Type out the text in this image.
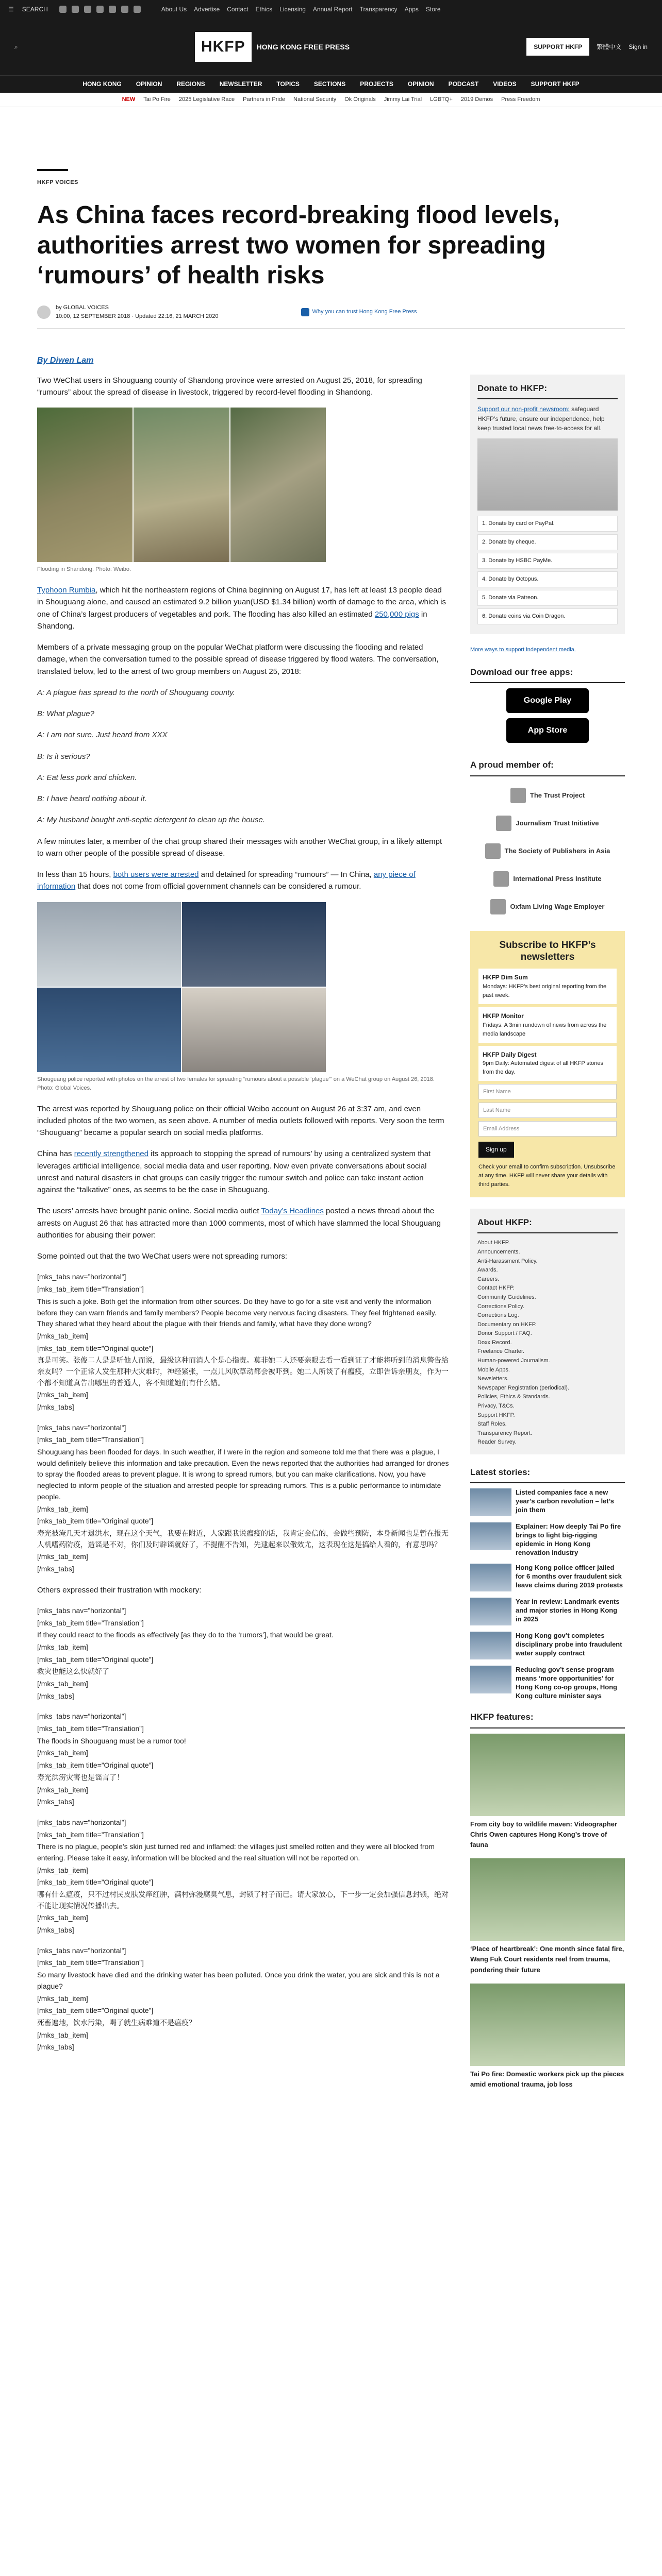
☰ SEARCH	About Us Advertise Contact Ethics Licensing Annual Report Transparency Apps Store
⌕	HKFP	HONG KONG FREE PRESS	SUPPORT HKFP	繁體中文 Sign in
HONG KONG OPINION REGIONS NEWSLETTER TOPICS SECTIONS PROJECTS OPINION PODCAST VIDEOS SUPPORT HKFP
NEW Tai Po Fire 2025 Legislative Race Partners in Pride National Security Ok Originals Jimmy Lai Trial LGBTQ+ 2019 Demos Press Freedom
HKFP VOICES
As China faces record-breaking flood levels, authorities arrest two women for spreading ‘rumours’ of health risks
by GLOBAL VOICES
10:00, 12 SEPTEMBER 2018 · Updated 22:16, 21 MARCH 2020
Why you can trust Hong Kong Free Press
By Diwen Lam

Two WeChat users in Shouguang county of Shandong province were arrested on August 25, 2018, for spreading “rumours” about the spread of disease in livestock, triggered by record-level flooding in Shandong.

Flooding in Shandong. Photo: Weibo.

Typhoon Rumbia, which hit the northeastern regions of China beginning on August 17, has left at least 13 people dead in Shouguang alone, and caused an estimated 9.2 billion yuan(USD $1.34 billion) worth of damage to the area, which is one of China’s largest producers of vegetables and pork. The flooding has also killed an estimated 250,000 pigs in Shandong.

Members of a private messaging group on the popular WeChat platform were discussing the flooding and related damage, when the conversation turned to the possible spread of disease triggered by flood waters. The conversation, translated below, led to the arrest of two group members on August 25, 2018:

A: A plague has spread to the north of Shouguang county.

B: What plague?

A: I am not sure. Just heard from XXX

B: Is it serious?

A: Eat less pork and chicken.

B: I have heard nothing about it.

A: My husband bought anti-septic detergent to clean up the house.

A few minutes later, a member of the chat group shared their messages with another WeChat group, in a likely attempt to warn other people of the possible spread of disease.

In less than 15 hours, both users were arrested and detained for spreading “rumours” — In China, any piece of information that does not come from official government channels can be considered a rumour.

Shouguang police reported with photos on the arrest of two females for spreading “rumours about a possible ‘plague’” on a WeChat group on August 26, 2018. Photo: Global Voices.

The arrest was reported by Shouguang police on their official Weibo account on August 26 at 3:37 am, and even included photos of the two women, as seen above. A number of media outlets followed with reports. Very soon the term “Shouguang” became a popular search on social media platforms.

China has recently strengthened its approach to stopping the spread of rumours’ by using a centralized system that leverages artificial intelligence, social media data and user reporting. Now even private conversations about social unrest and natural disasters in chat groups can easily trigger the rumour switch and police can take instant action against the “talkative” ones, as seems to be the case in Shouguang.

The users’ arrests have brought panic online. Social media outlet Today’s Headlines posted a news thread about the arrests on August 26 that has attracted more than 1000 comments, most of which have slammed the local Shouguang authorities for abusing their power:

Some pointed out that the two WeChat users were not spreading rumors:

[mks_tabs nav=”horizontal”]
[mks_tab_item title=”Translation”]
This is such a joke. Both get the information from other sources. Do they have to go for a site visit and verify the information before they can warn friends and family members? People become very nervous facing disasters. They feel frightened easily. They shared what they heard about the plague with their friends and family, what have they done wrong?
[/mks_tab_item]
[mks_tab_item title=”Original quote”]
真是可笑。张俊二人是是听他人而说，最级这种而消人个是心指责。莫非她二人还要亲眼去看一看到证了才能将听到的消息警告给亲友吗？一个正常人发生那种大灾难时，神经紧张，一点儿风吹草动都会被吓到。她二人所谈了有瘟疫，立即告诉亲朋友，作为一个都不知道真告出哪里的普通人，客不知道她们有什么错。
[/mks_tab_item]
[/mks_tabs]
[mks_tabs nav=”horizontal”]
[mks_tab_item title=”Translation”]
Shouguang has been flooded for days. In such weather, if I were in the region and someone told me that there was a plague, I would definitely believe this information and take precaution. Even the news reported that the authorities had arranged for drones to spray the flooded areas to prevent plague. It is wrong to spread rumors, but you can make clarifications. Now, you have neglected to inform people of the situation and arrested people for spreading rumors. This is a public performance to intimidate people.
[/mks_tab_item]
[mks_tab_item title=”Original quote”]
寿光被淹几天才退洪水，现在这个天气，我要在附近，人家跟我说瘟疫的话，我肯定会信的，会做些预防，本身新闻也是暂在报无人机嗜药防疫，造谣是不对，你们及时辟谣就好了，不提醒不告知，先逮起来以儆效尤，这表现在这是搞给人看的，有意思吗？
[/mks_tab_item]
[/mks_tabs]

Others expressed their frustration with mockery:

[mks_tabs nav=”horizontal”]
[mks_tab_item title=”Translation”]
If they could react to the floods as effectively [as they do to the ‘rumors’], that would be great.
[/mks_tab_item]
[mks_tab_item title=”Original quote”]
救灾也能这么快就好了
[/mks_tab_item]
[/mks_tabs]
[mks_tabs nav=”horizontal”]
[mks_tab_item title=”Translation”]
The floods in Shouguang must be a rumor too!
[/mks_tab_item]
[mks_tab_item title=”Original quote”]
寿光洪涝灾害也是谣言了！
[/mks_tab_item]
[/mks_tabs]
[mks_tabs nav=”horizontal”]
[mks_tab_item title=”Translation”]
There is no plague, people’s skin just turned red and inflamed: the villages just smelled rotten and they were all blocked from entering. Please take it easy, information will be blocked and the real situation will not be reported on.
[/mks_tab_item]
[mks_tab_item title=”Original quote”]
哪有什么瘟疫，只不过村民皮肤发痒红肿，满村弥漫腐臭气息，封锁了村子而已。请大家放心，下一步一定会加强信息封锁，绝对不能让现实情况传播出去。
[/mks_tab_item]
[/mks_tabs]
[mks_tabs nav=”horizontal”]
[mks_tab_item title=”Translation”]
So many livestock have died and the drinking water has been polluted. Once you drink the water, you are sick and this is not a plague?
[/mks_tab_item]
[mks_tab_item title=”Original quote”]
死畜遍地，饮水污染，喝了就生病难道不是瘟疫？
[/mks_tab_item]
[/mks_tabs]
Donate to HKFP:

Support our non-profit newsroom: safeguard HKFP’s future, ensure our independence, help keep trusted local news free-to-access for all.

1. Donate by card or PayPal.
2. Donate by cheque.
3. Donate by HSBC PayMe.
4. Donate by Octopus.
5. Donate via Patreon.
6. Donate coins via Coin Dragon.
More ways to support independent media.
Download our free apps:
Google Play
App Store
A proud member of:
The Trust Project
Journalism Trust Initiative
The Society of Publishers in Asia
International Press Institute
Oxfam Living Wage Employer
Subscribe to HKFP’s newsletters
HKFP Dim Sum
Mondays: HKFP’s best original reporting from the past week.
HKFP Monitor
Fridays: A 3min rundown of news from across the media landscape
HKFP Daily Digest
9pm Daily: Automated digest of all HKFP stories from the day.
First Name
Last Name
Email Address
Sign up
Check your email to confirm subscription. Unsubscribe at any time. HKFP will never share your details with third parties.
About HKFP:
About HKFP.
Announcements.
Anti-Harassment Policy.
Awards.
Careers.
Contact HKFP.
Community Guidelines.
Corrections Policy.
Corrections Log.
Documentary on HKFP.
Donor Support / FAQ.
Doxx Record.
Freelance Charter.
Human-powered Journalism.
Mobile Apps.
Newsletters.
Newspaper Registration (periodical).
Policies, Ethics & Standards.
Privacy, T&Cs.
Support HKFP.
Staff Roles.
Transparency Report.
Reader Survey.
Latest stories:
Listed companies face a new year’s carbon revolution – let’s join them
Explainer: How deeply Tai Po fire brings to light big-rigging epidemic in Hong Kong renovation industry
Hong Kong police officer jailed for 6 months over fraudulent sick leave claims during 2019 protests
Year in review: Landmark events and major stories in Hong Kong in 2025
Hong Kong gov’t completes disciplinary probe into fraudulent water supply contract
Reducing gov’t sense program means ‘more opportunities’ for Hong Kong co-op groups, Hong Kong culture minister says
HKFP features:
From city boy to wildlife maven: Videographer Chris Owen captures Hong Kong’s trove of fauna
‘Place of heartbreak’: One month since fatal fire, Wang Fuk Court residents reel from trauma, pondering their future
Tai Po fire: Domestic workers pick up the pieces amid emotional trauma, job loss
